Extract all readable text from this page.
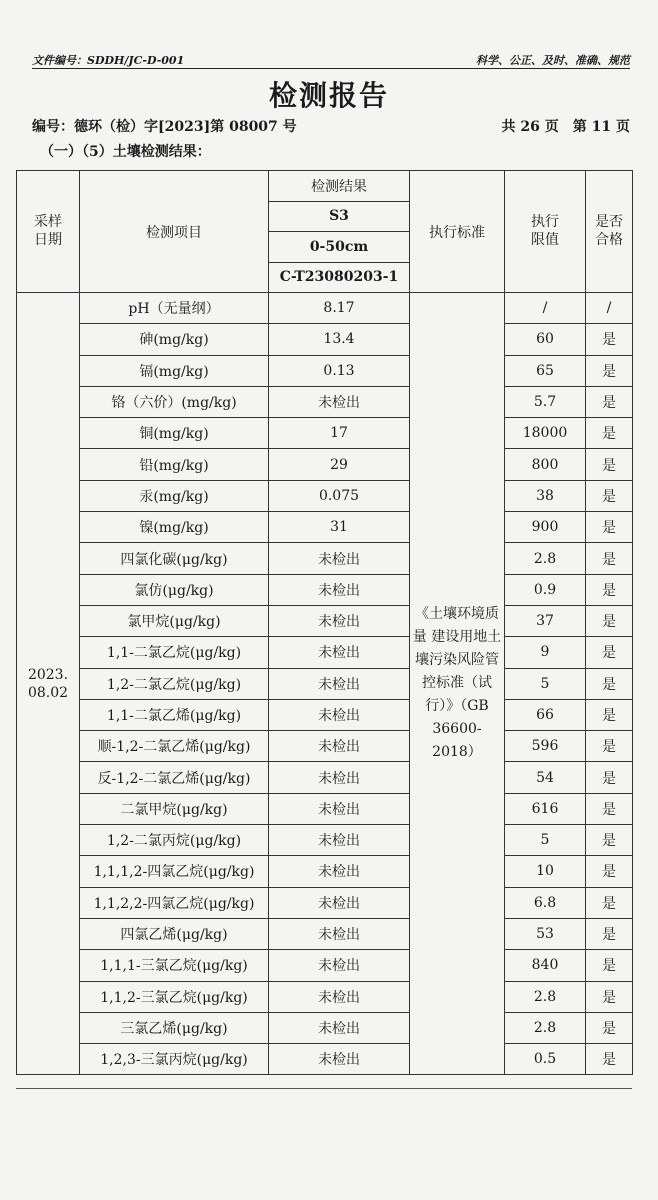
文件编号：SDDH/JC-D-001	科学、公正、及时、准确、规范
检测报告
编号：德环（检）字[2023]第 08007 号	共 26 页　第 11 页
（一）（5）土壤检测结果：
采样日期	检测项目	检测结果	执行标准	执行限值	是否合格
		S3			
		0-50cm			
		C-T23080203-1			
2023.08.02	pH（无量纲）	8.17	《土壤环境质量 建设用地土壤污染风险管控标准（试行）》（GB 36600-2018）	/	/
	砷(mg/kg)	13.4		60	是
	镉(mg/kg)	0.13		65	是
	铬（六价）(mg/kg)	未检出		5.7	是
	铜(mg/kg)	17		18000	是
	铅(mg/kg)	29		800	是
	汞(mg/kg)	0.075		38	是
	镍(mg/kg)	31		900	是
	四氯化碳(μg/kg)	未检出		2.8	是
	氯仿(μg/kg)	未检出		0.9	是
	氯甲烷(μg/kg)	未检出		37	是
	1,1-二氯乙烷(μg/kg)	未检出		9	是
	1,2-二氯乙烷(μg/kg)	未检出		5	是
	1,1-二氯乙烯(μg/kg)	未检出		66	是
	顺-1,2-二氯乙烯(μg/kg)	未检出		596	是
	反-1,2-二氯乙烯(μg/kg)	未检出		54	是
	二氯甲烷(μg/kg)	未检出		616	是
	1,2-二氯丙烷(μg/kg)	未检出		5	是
	1,1,1,2-四氯乙烷(μg/kg)	未检出		10	是
	1,1,2,2-四氯乙烷(μg/kg)	未检出		6.8	是
	四氯乙烯(μg/kg)	未检出		53	是
	1,1,1-三氯乙烷(μg/kg)	未检出		840	是
	1,1,2-三氯乙烷(μg/kg)	未检出		2.8	是
	三氯乙烯(μg/kg)	未检出		2.8	是
	1,2,3-三氯丙烷(μg/kg)	未检出		0.5	是
